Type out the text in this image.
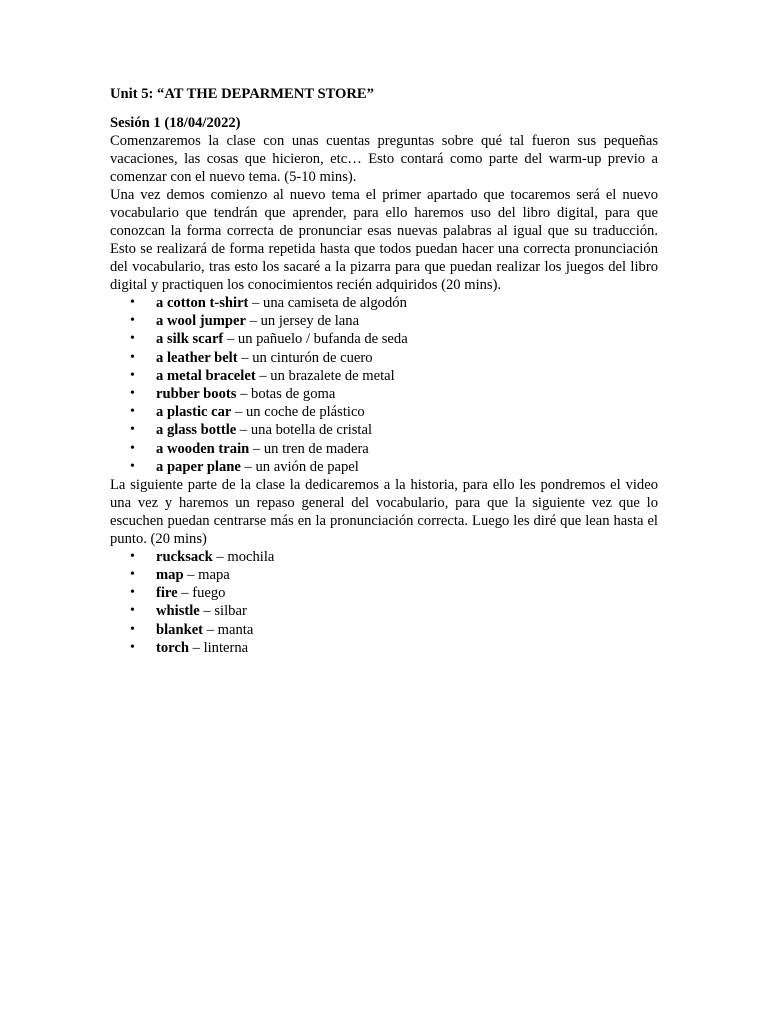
Unit 5: “AT THE DEPARMENT STORE”
Sesión 1 (18/04/2022)

Comenzaremos la clase con unas cuentas preguntas sobre qué tal fueron sus pequeñas vacaciones, las cosas que hicieron, etc… Esto contará como parte del warm-up previo a comenzar con el nuevo tema. (5-10 mins).

Una vez demos comienzo al nuevo tema el primer apartado que tocaremos será el nuevo vocabulario que tendrán que aprender, para ello haremos uso del libro digital, para que conozcan la forma correcta de pronunciar esas nuevas palabras al igual que su traducción. Esto se realizará de forma repetida hasta que todos puedan hacer una correcta pronunciación del vocabulario, tras esto los sacaré a la pizarra para que puedan realizar los juegos del libro digital y practiquen los conocimientos recién adquiridos (20 mins).

• a cotton t-shirt – una camiseta de algodón
• a wool jumper – un jersey de lana
• a silk scarf – un pañuelo / bufanda de seda
• a leather belt – un cinturón de cuero
• a metal bracelet – un brazalete de metal
• rubber boots – botas de goma
• a plastic car – un coche de plástico
• a glass bottle – una botella de cristal
• a wooden train – un tren de madera
• a paper plane – un avión de papel

La siguiente parte de la clase la dedicaremos a la historia, para ello les pondremos el video una vez y haremos un repaso general del vocabulario, para que la siguiente vez que lo escuchen puedan centrarse más en la pronunciación correcta. Luego les diré que lean hasta el punto. (20 mins)

• rucksack – mochila
• map – mapa
• fire – fuego
• whistle – silbar
• blanket – manta
• torch – linterna
